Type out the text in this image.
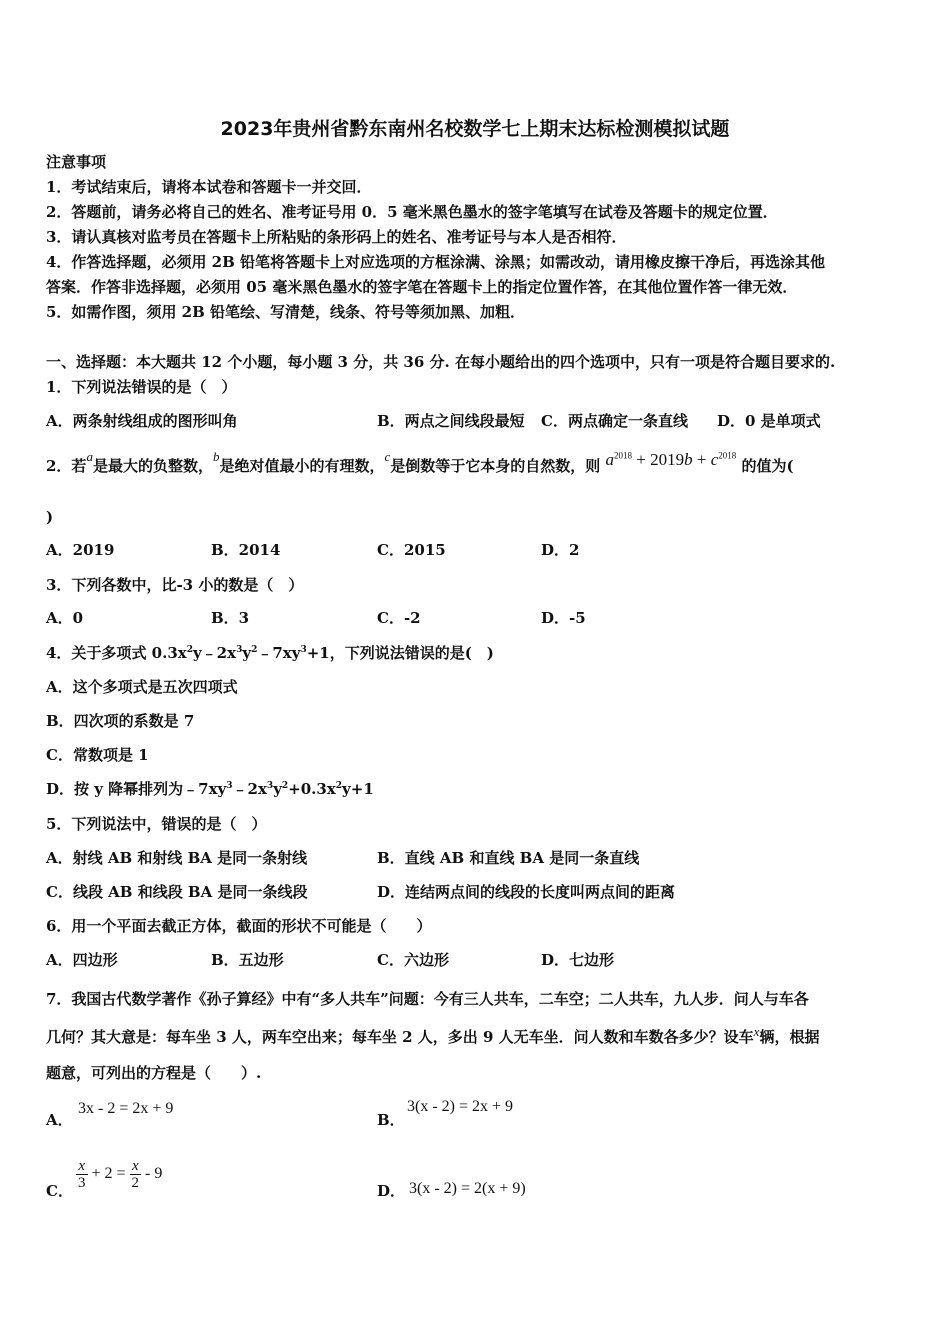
2023年贵州省黔东南州名校数学七上期末达标检测模拟试题
注意事项
1．考试结束后，请将本试卷和答题卡一并交回．
2．答题前，请务必将自己的姓名、准考证号用 0．5 毫米黑色墨水的签字笔填写在试卷及答题卡的规定位置．
3．请认真核对监考员在答题卡上所粘贴的条形码上的姓名、准考证号与本人是否相符．
4．作答选择题，必须用 2B 铅笔将答题卡上对应选项的方框涂满、涂黑；如需改动，请用橡皮擦干净后，再选涂其他
答案．作答非选择题，必须用 05 毫米黑色墨水的签字笔在答题卡上的指定位置作答，在其他位置作答一律无效．
5．如需作图，须用 2B 铅笔绘、写清楚，线条、符号等须加黑、加粗．
一、选择题：本大题共 12 个小题，每小题 3 分，共 36 分. 在每小题给出的四个选项中，只有一项是符合题目要求的.
1．下列说法错误的是（　）
A．两条射线组成的图形叫角	B．两点之间线段最短 C．两点确定一条直线 D．0 是单项式
2．若$^a$是最大的负整数，$^b$是绝对值最小的有理数，$^c$是倒数等于它本身的自然数，则 $a^{2018} + 2019b + c^{2018}$ 的值为(
)
A．2019	B．2014	C．2015	D．2
3．下列各数中，比-3 小的数是（　）
A．0	B．3	C．-2	D．-5
4．关于多项式 $0.3x^2y﹣2x^3y^2﹣7xy^3+1$，下列说法错误的是(　)
A．这个多项式是五次四项式
B．四次项的系数是 7
C．常数项是 1
D．按 y 降幂排列为$﹣7xy^3﹣2x^3y^2+0.3x^2y+1$
5．下列说法中，错误的是（　）
A．射线 AB 和射线 BA 是同一条射线	B．直线 AB 和直线 BA 是同一条直线
C．线段 AB 和线段 BA 是同一条线段	D．连结两点间的线段的长度叫两点间的距离
6．用一个平面去截正方体，截面的形状不可能是（　　）
A．四边形	B．五边形	C．六边形	D．七边形
7．我国古代数学著作《孙子算经》中有“多人共车”问题：今有三人共车，二车空；二人共车，九人步．问人与车各
几何？其大意是：每车坐 3 人，两车空出来；每车坐 2 人，多出 9 人无车坐．问人数和车数各多少？设车$^x$辆，根据
题意，可列出的方程是（　　）.
A．
3x - 2 = 2x + 9
B．
3(x - 2) = 2x + 9
C． $\frac{x}{3} + 2 = \frac{x}{2} - 9$
D． 3(x - 2) = 2(x + 9)
